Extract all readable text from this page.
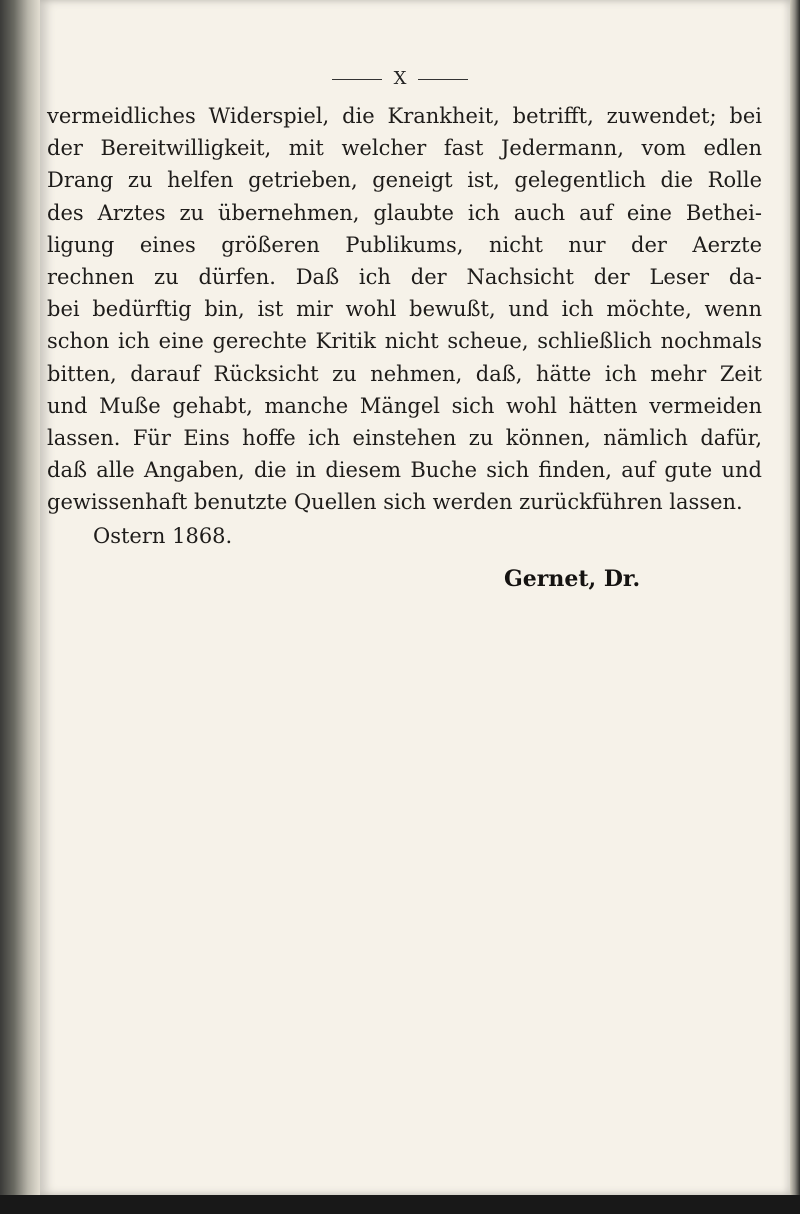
X
vermeidliches Widerspiel, die Krankheit, betrifft, zuwendet; bei
der Bereitwilligkeit, mit welcher fast Jedermann, vom edlen
Drang zu helfen getrieben, geneigt ist, gelegentlich die Rolle
des Arztes zu übernehmen, glaubte ich auch auf eine Bethei-
ligung eines größeren Publikums, nicht nur der Aerzte
rechnen zu dürfen. Daß ich der Nachsicht der Leser da-
bei bedürftig bin, ist mir wohl bewußt, und ich möchte, wenn
schon ich eine gerechte Kritik nicht scheue, schließlich nochmals
bitten, darauf Rücksicht zu nehmen, daß, hätte ich mehr Zeit
und Muße gehabt, manche Mängel sich wohl hätten vermeiden
lassen. Für Eins hoffe ich einstehen zu können, nämlich dafür,
daß alle Angaben, die in diesem Buche sich finden, auf gute und
gewissenhaft benutzte Quellen sich werden zurückführen lassen.
Ostern 1868.
Gernet, Dr.
